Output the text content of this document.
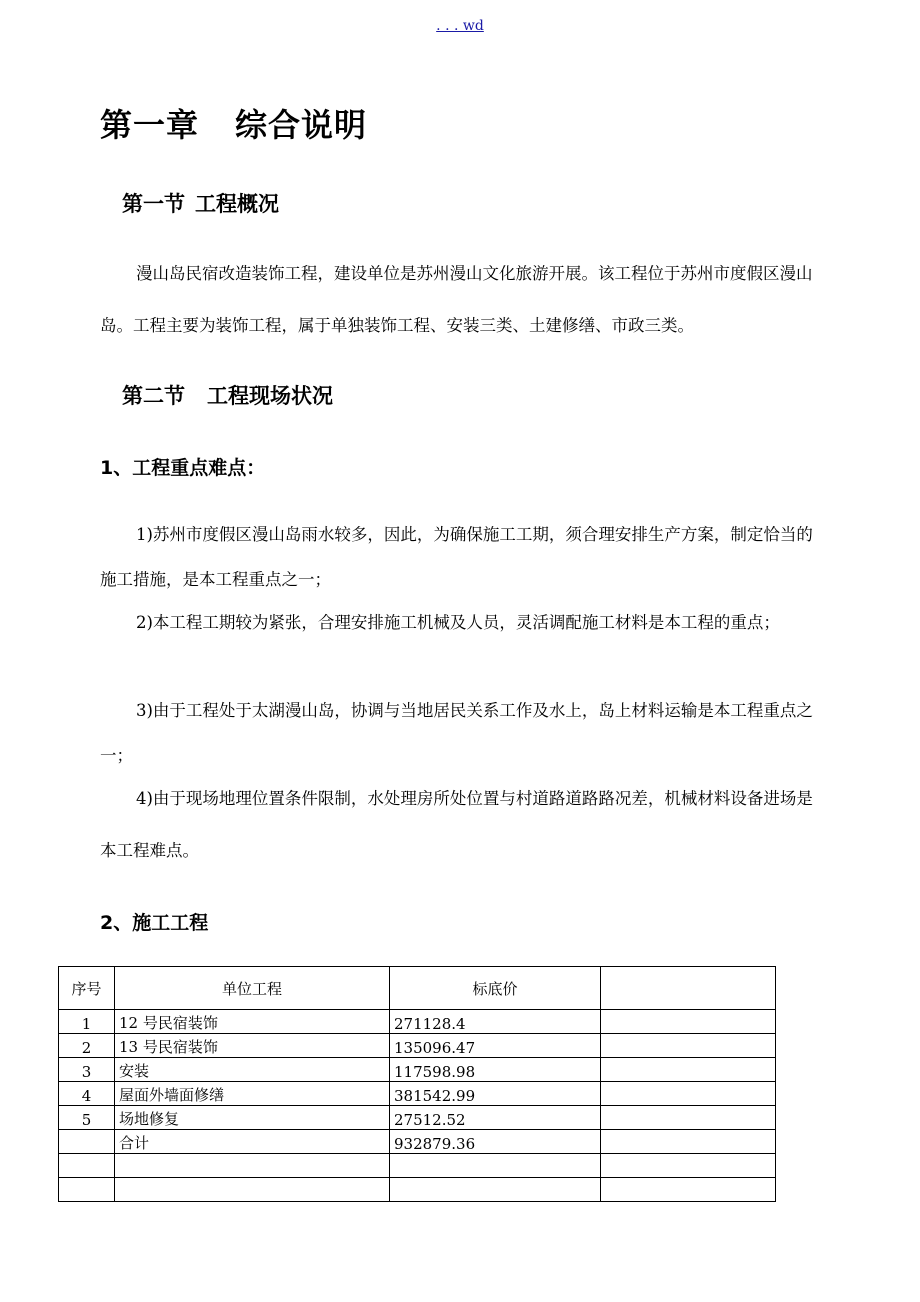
. . . wd
第一章 综合说明
第一节 工程概况
漫山岛民宿改造装饰工程，建设单位是苏州漫山文化旅游开展。该工程位于苏州市度假区漫山岛。工程主要为装饰工程，属于单独装饰工程、安装三类、土建修缮、市政三类。
第二节 工程现场状况
1、工程重点难点：
1)苏州市度假区漫山岛雨水较多，因此，为确保施工工期，须合理安排生产方案，制定恰当的施工措施，是本工程重点之一；
2)本工程工期较为紧张，合理安排施工机械及人员，灵活调配施工材料是本工程的重点；
3)由于工程处于太湖漫山岛，协调与当地居民关系工作及水上，岛上材料运输是本工程重点之一；
4)由于现场地理位置条件限制，水处理房所处位置与村道路道路路况差，机械材料设备进场是本工程难点。
2、施工工程
序号	单位工程	标底价	
1	12 号民宿装饰	271128.4	
2	13 号民宿装饰	135096.47	
3	安装	117598.98	
4	屋面外墙面修缮	381542.99	
5	场地修复	27512.52	
	合计	932879.36	
